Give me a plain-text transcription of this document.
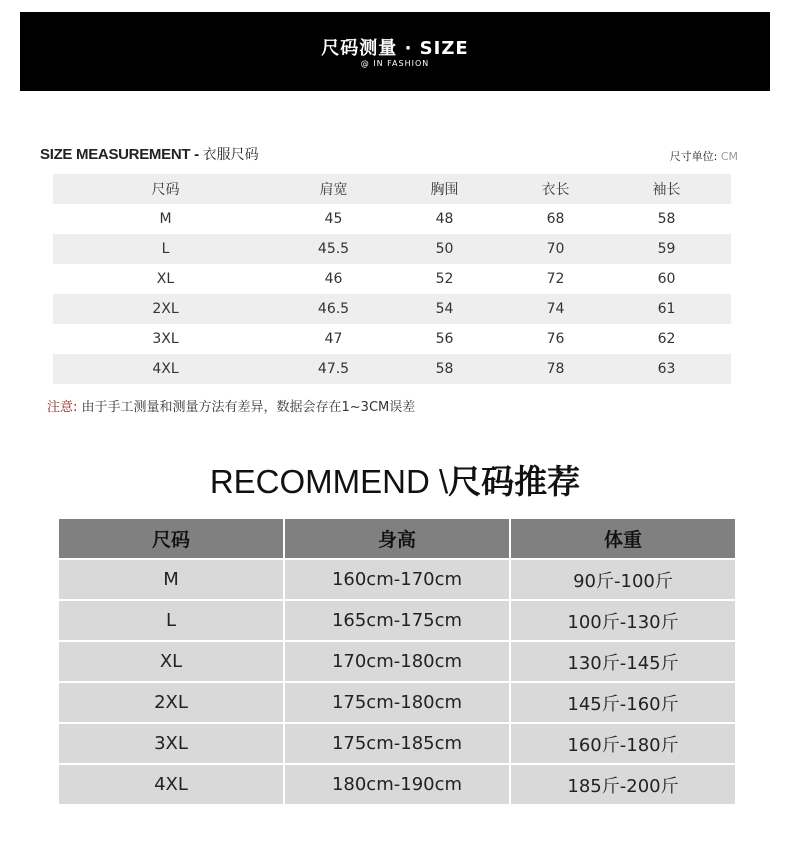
尺码测量 · SIZE
@ IN FASHION
SIZE MEASUREMENT - 衣服尺码	尺寸单位: CM
尺码	肩宽	胸围	衣长	袖长	
M	45	48	68	58	
L	45.5	50	70	59	
XL	46	52	72	60	
2XL	46.5	54	74	61	
3XL	47	56	76	62	
4XL	47.5	58	78	63	
注意: 由于手工测量和测量方法有差异，数据会存在1~3CM误差
RECOMMEND \尺码推荐
尺码	身高	体重
M	160cm-170cm	90斤-100斤
L	165cm-175cm	100斤-130斤
XL	170cm-180cm	130斤-145斤
2XL	175cm-180cm	145斤-160斤
3XL	175cm-185cm	160斤-180斤
4XL	180cm-190cm	185斤-200斤
